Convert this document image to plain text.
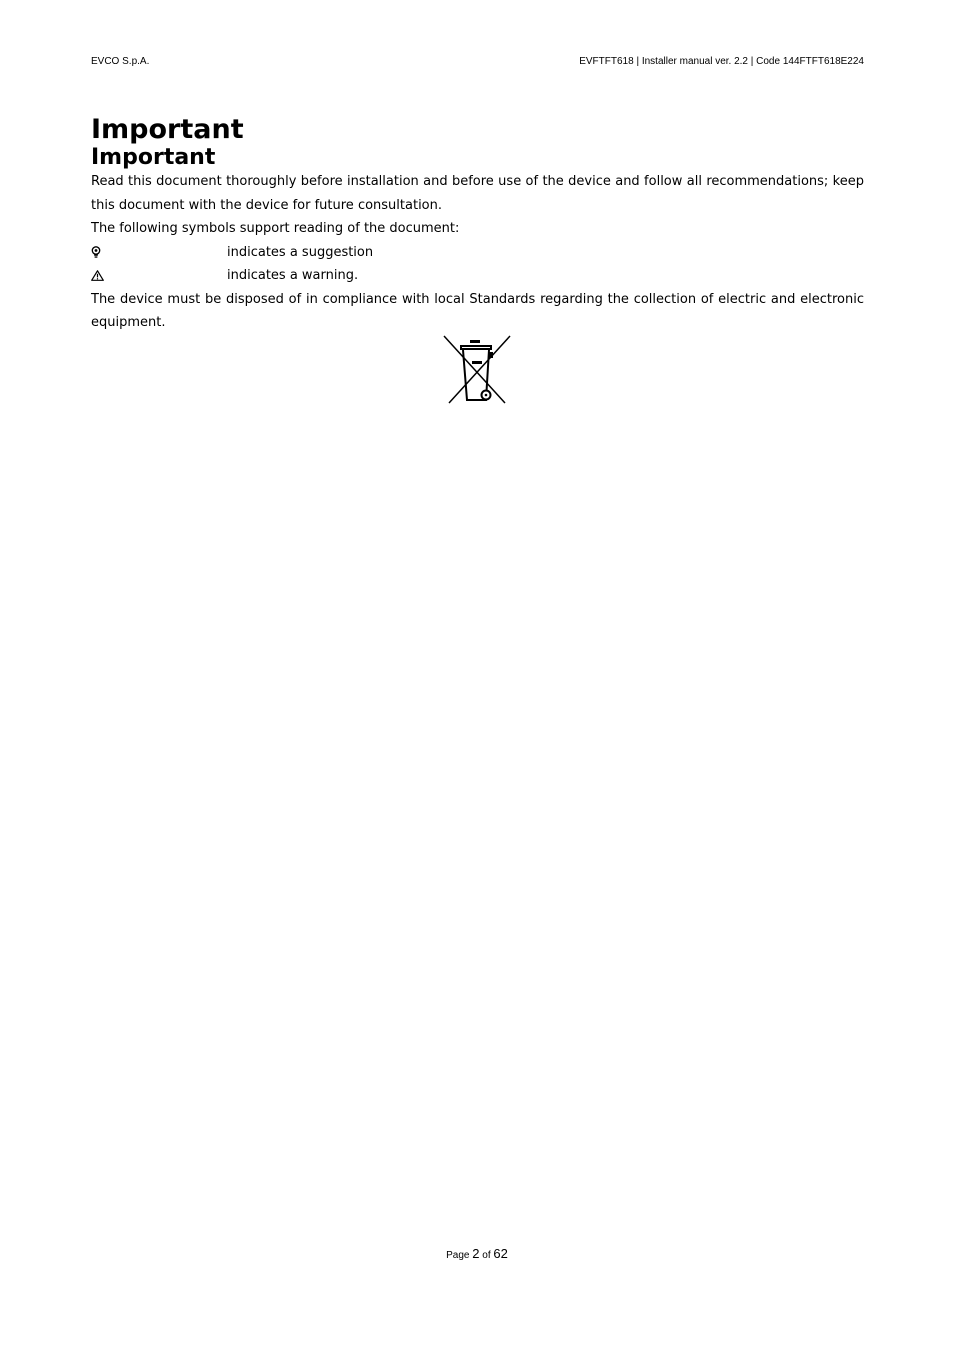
EVCO S.p.A.	EVFTFT618 | Installer manual ver. 2.2 | Code 144FTFT618E224
Important
Important

Read this document thoroughly before installation and before use of the device and follow all recommendations; keep this document with the device for future consultation.

The following symbols support reading of the document:

indicates a suggestion
indicates a warning.

The device must be disposed of in compliance with local Standards regarding the collection of electric and electronic equipment.

Page 2 of 62
